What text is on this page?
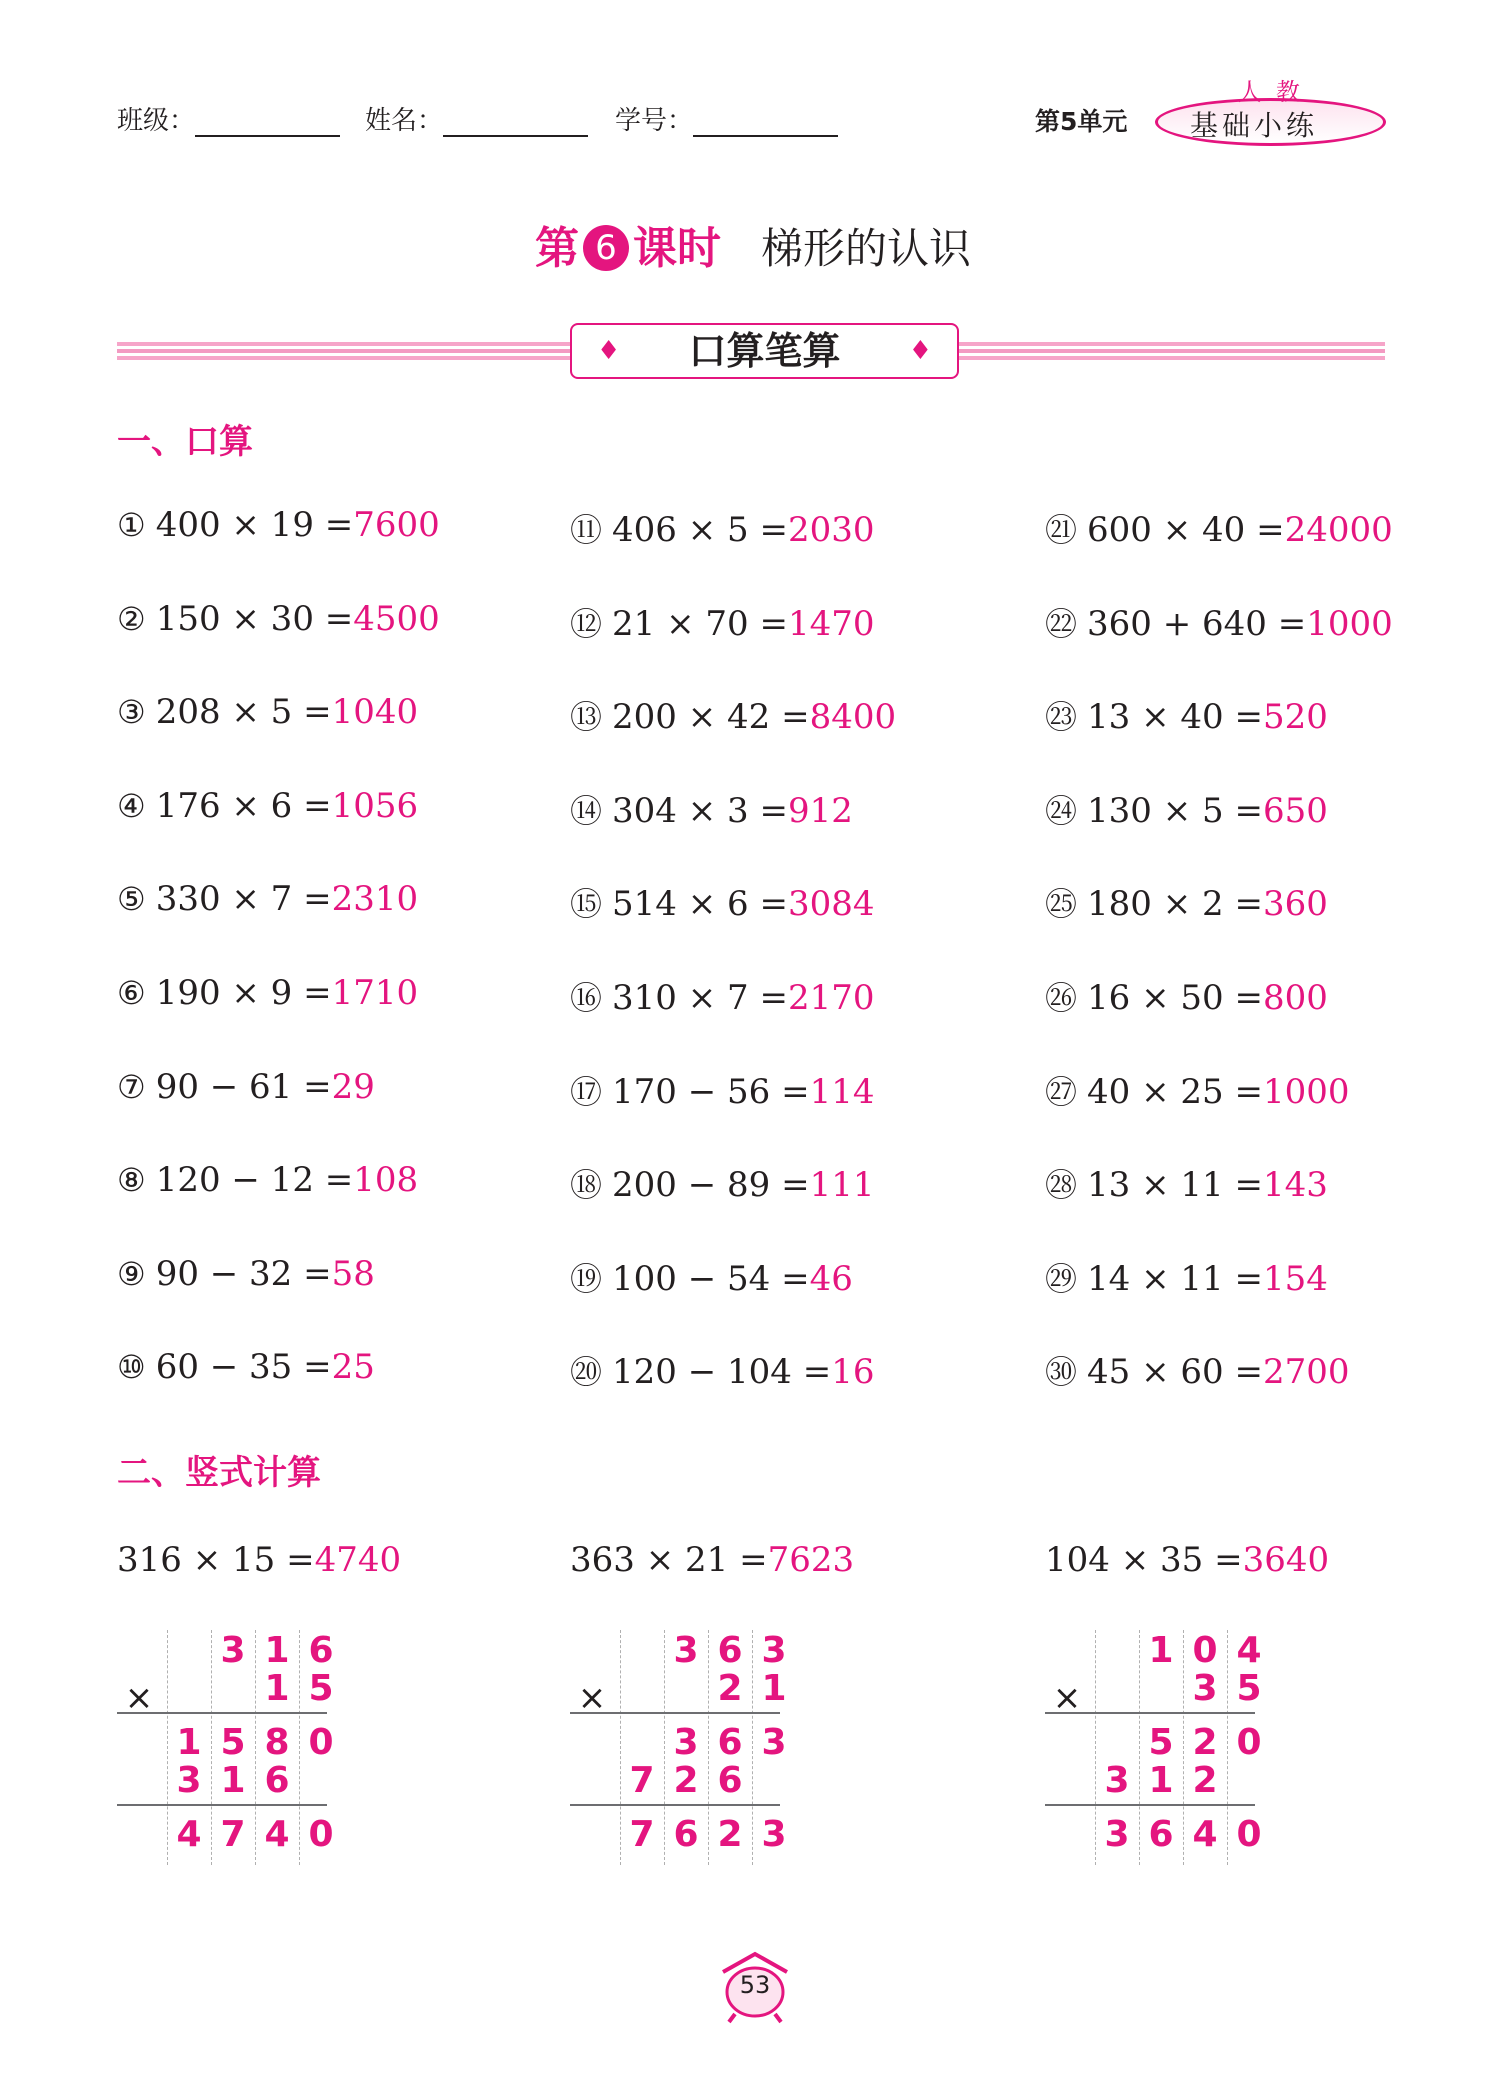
班级：	姓名：	学号：	第5单元
人教
基础小练
第 6 课时 梯形的认识
♦ 口算笔算	♦
一、口算
① 400 × 19 =7600
② 150 × 30 =4500
③ 208 × 5 =1040
④ 176 × 6 =1056
⑤ 330 × 7 =2310
⑥ 190 × 9 =1710
⑦ 90 − 61 =29
⑧ 120 − 12 =108
⑨ 90 − 32 =58
⑩ 60 − 35 =25
⑪ 406 × 5 =2030
⑫ 21 × 70 =1470
⑬ 200 × 42 =8400
⑭ 304 × 3 =912
⑮ 514 × 6 =3084
⑯ 310 × 7 =2170
⑰ 170 − 56 =114
⑱ 200 − 89 =111
⑲ 100 − 54 =46
⑳ 120 − 104 =16
㉑ 600 × 40 =24000
㉒ 360 + 640 =1000
㉓ 13 × 40 =520
㉔ 130 × 5 =650
㉕ 180 × 2 =360
㉖ 16 × 50 =800
㉗ 40 × 25 =1000
㉘ 13 × 11 =143
㉙ 14 × 11 =154
㉚ 45 × 60 =2700
二、竖式计算
316 × 15 =4740
×
3 1 6
1 5
1 5 8 0
3 1 6
4 7 4 0
363 × 21 =7623
×
3 6 3
2 1
3 6 3
7 2 6
7 6 2 3
104 × 35 =3640
×
1 0 4
3 5
5 2 0
3 1 2
3 6 4 0
53
